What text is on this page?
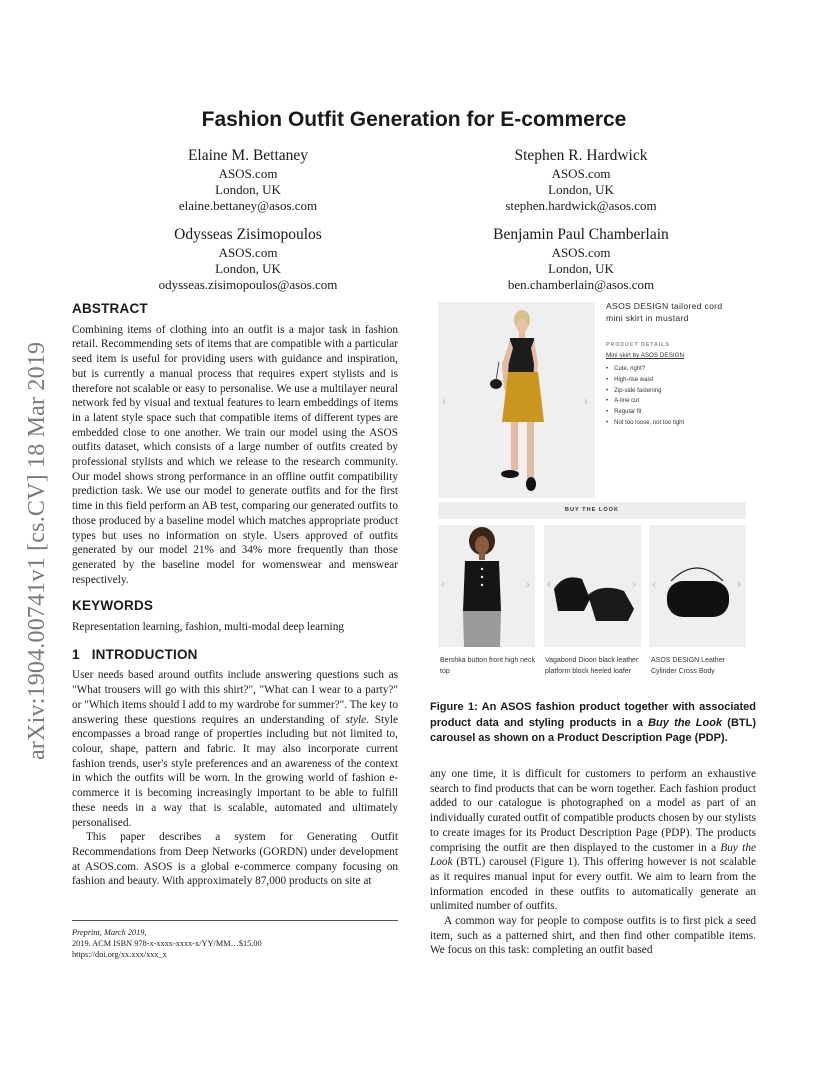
arXiv:1904.00741v1 [cs.CV] 18 Mar 2019
Fashion Outfit Generation for E-commerce
Elaine M. Bettaney
ASOS.com
London, UK
elaine.bettaney@asos.com
Stephen R. Hardwick
ASOS.com
London, UK
stephen.hardwick@asos.com
Odysseas Zisimopoulos
ASOS.com
London, UK
odysseas.zisimopoulos@asos.com
Benjamin Paul Chamberlain
ASOS.com
London, UK
ben.chamberlain@asos.com
ABSTRACT

Combining items of clothing into an outfit is a major task in fashion retail. Recommending sets of items that are compatible with a particular seed item is useful for providing users with guidance and inspiration, but is currently a manual process that requires expert stylists and is therefore not scalable or easy to personalise. We use a multilayer neural network fed by visual and textual features to learn embeddings of items in a latent style space such that compatible items of different types are embedded close to one another. We train our model using the ASOS outfits dataset, which consists of a large number of outfits created by professional stylists and which we release to the research community. Our model shows strong performance in an offline outfit compatibility prediction task. We use our model to generate outfits and for the first time in this field perform an AB test, comparing our generated outfits to those produced by a baseline model which matches appropriate product types but uses no information on style. Users approved of outfits generated by our model 21% and 34% more frequently than those generated by the baseline model for womenswear and menswear respectively.

KEYWORDS

Representation learning, fashion, multi-modal deep learning

1 INTRODUCTION

User needs based around outfits include answering questions such as "What trousers will go with this shirt?", "What can I wear to a party?" or "Which items should I add to my wardrobe for summer?". The key to answering these questions requires an understanding of style. Style encompasses a broad range of properties including but not limited to, colour, shape, pattern and fabric. It may also incorporate current fashion trends, user's style preferences and an awareness of the context in which the outfits will be worn. In the growing world of fashion e-commerce it is becoming increasingly important to be able to fulfill these needs in a way that is scalable, automated and ultimately personalised.

This paper describes a system for Generating Outfit Recommendations from Deep Networks (GORDN) under development at ASOS.com. ASOS is a global e-commerce company focusing on fashion and beauty. With approximately 87,000 products on site at

Preprint, March 2019,
2019. ACM ISBN 978-x-xxxx-xxxx-x/YY/MM…$15.00
https://doi.org/xx.xxx/xxx_x
‹	›
ASOS DESIGN tailored cord
mini skirt in mustard
PRODUCT DETAILS
Mini skirt by ASOS DESIGN
• Cute, right?
• High-rise waist
• Zip-side fastening
• A-line cut
• Regular fit
• Not too loose, not too tight
BUY THE LOOK
‹	› ‹	› ‹	›
Bershka button front high neck top
Vagabond Dioon black leather platform block heeled loafer
ASOS DESIGN Leather Cylinder Cross Body
Figure 1: An ASOS fashion product together with associated product data and styling products in a Buy the Look (BTL) carousel as shown on a Product Description Page (PDP).

any one time, it is difficult for customers to perform an exhaustive search to find products that can be worn together. Each fashion product added to our catalogue is photographed on a model as part of an individually curated outfit of compatible products chosen by our stylists to create images for its Product Description Page (PDP). The products comprising the outfit are then displayed to the customer in a Buy the Look (BTL) carousel (Figure 1). This offering however is not scalable as it requires manual input for every outfit. We aim to learn from the information encoded in these outfits to automatically generate an unlimited number of outfits.

A common way for people to compose outfits is to first pick a seed item, such as a patterned shirt, and then find other compatible items. We focus on this task: completing an outfit based
